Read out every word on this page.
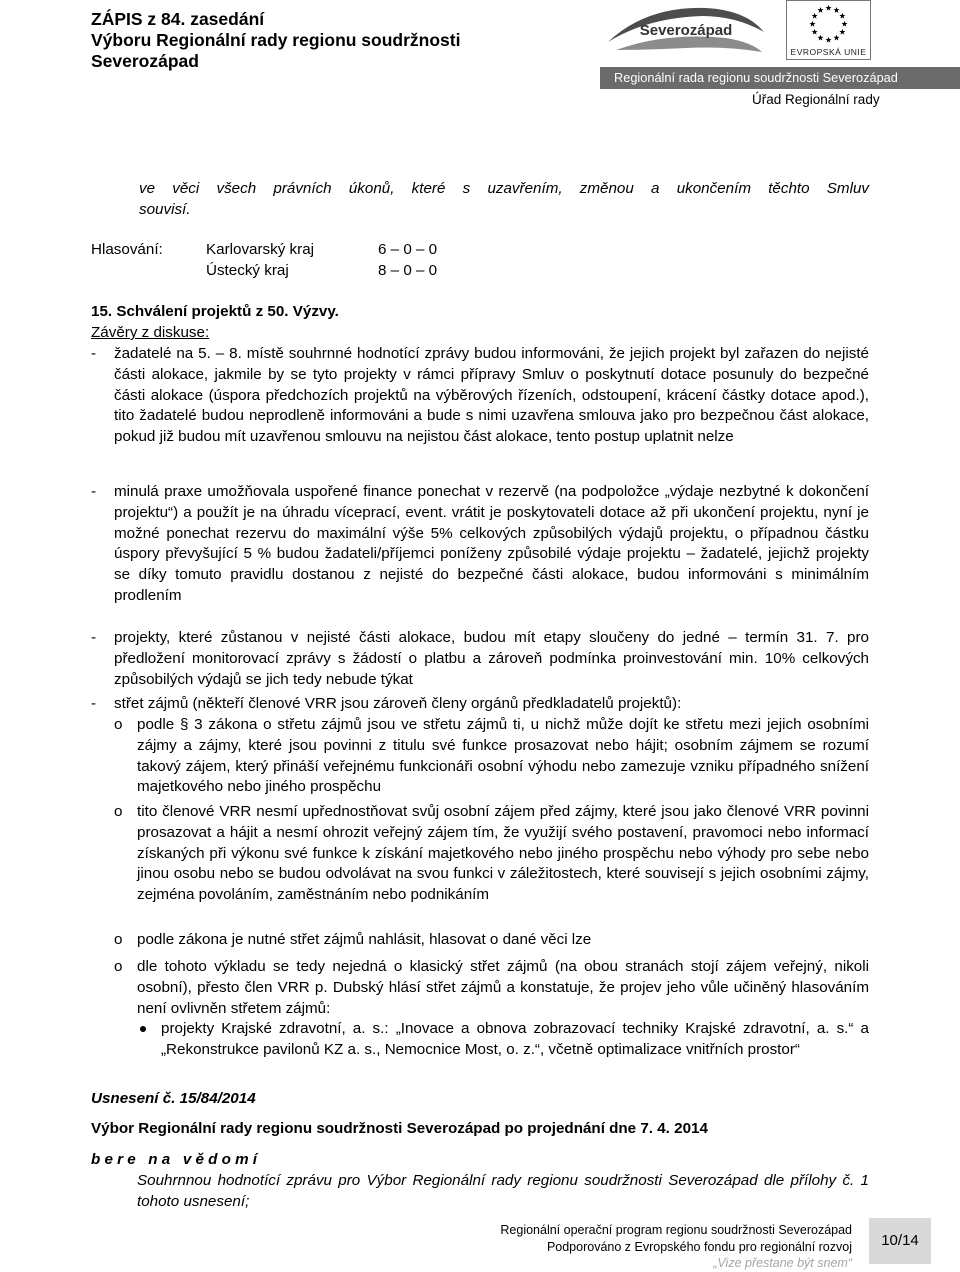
ZÁPIS z 84. zasedání
Výboru Regionální rady regionu soudržnosti
Severozápad
Severozápad
EVROPSKÁ UNIE
Regionální rada regionu soudržnosti Severozápad
Úřad Regionální rady
ve věci všech právních úkonů, které s uzavřením, změnou a ukončením těchto Smluv
souvisí.
Hlasování:	Karlovarský kraj	6 – 0 – 0
Ústecký kraj	8 – 0 – 0
15. Schválení projektů z 50. Výzvy.
Závěry z diskuse:
- žadatelé na 5. – 8. místě souhrnné hodnotící zprávy budou informováni, že jejich projekt byl zařazen do nejisté části alokace, jakmile by se tyto projekty v rámci přípravy Smluv o poskytnutí dotace posunuly do bezpečné části alokace (úspora předchozích projektů na výběrových řízeních, odstoupení, krácení částky dotace apod.), tito žadatelé budou neprodleně informováni a bude s nimi uzavřena smlouva jako pro bezpečnou část alokace, pokud již budou mít uzavřenou smlouvu na nejistou část alokace, tento postup uplatnit nelze
- minulá praxe umožňovala uspořené finance ponechat v rezervě (na podpoložce „výdaje nezbytné k dokončení projektu“) a použít je na úhradu víceprací, event. vrátit je poskytovateli dotace až při ukončení projektu, nyní je možné ponechat rezervu do maximální výše 5% celkových způsobilých výdajů projektu, o případnou částku úspory převyšující 5 % budou žadateli/příjemci poníženy způsobilé výdaje projektu – žadatelé, jejichž projekty se díky tomuto pravidlu dostanou z nejisté do bezpečné části alokace, budou informováni s minimálním prodlením
- projekty, které zůstanou v nejisté části alokace, budou mít etapy sloučeny do jedné – termín 31. 7. pro předložení monitorovací zprávy s žádostí o platbu a zároveň podmínka proinvestování min. 10% celkových způsobilých výdajů se jich tedy nebude týkat
- střet zájmů (někteří členové VRR jsou zároveň členy orgánů předkladatelů projektů):
o podle § 3 zákona o střetu zájmů jsou ve střetu zájmů ti, u nichž může dojít ke střetu mezi jejich osobními zájmy a zájmy, které jsou povinni z titulu své funkce prosazovat nebo hájit; osobním zájmem se rozumí takový zájem, který přináší veřejnému funkcionáři osobní výhodu nebo zamezuje vzniku případného snížení majetkového nebo jiného prospěchu
o tito členové VRR nesmí upřednostňovat svůj osobní zájem před zájmy, které jsou jako členové VRR povinni prosazovat a hájit a nesmí ohrozit veřejný zájem tím, že využijí svého postavení, pravomoci nebo informací získaných při výkonu své funkce k získání majetkového nebo jiného prospěchu nebo výhody pro sebe nebo jinou osobu nebo se budou odvolávat na svou funkci v záležitostech, které souvisejí s jejich osobními zájmy, zejména povoláním, zaměstnáním nebo podnikáním
o podle zákona je nutné střet zájmů nahlásit, hlasovat o dané věci lze
o dle tohoto výkladu se tedy nejedná o klasický střet zájmů (na obou stranách stojí zájem veřejný, nikoli osobní), přesto člen VRR p. Dubský hlásí střet zájmů a konstatuje, že projev jeho vůle učiněný hlasováním není ovlivněn střetem zájmů:
projekty Krajské zdravotní, a. s.: „Inovace a obnova zobrazovací techniky Krajské zdravotní, a. s.“ a „Rekonstrukce pavilonů KZ a. s., Nemocnice Most, o. z.“, včetně optimalizace vnitřních prostor“
Usnesení č. 15/84/2014
Výbor Regionální rady regionu soudržnosti Severozápad po projednání dne 7. 4. 2014
bere na vědomí
Souhrnnou hodnotící zprávu pro Výbor Regionální rady regionu soudržnosti Severozápad dle přílohy č. 1 tohoto usnesení;
Regionální operační program regionu soudržnosti Severozápad
Podporováno z Evropského fondu pro regionální rozvoj
„Vize přestane být snem“
10/14
